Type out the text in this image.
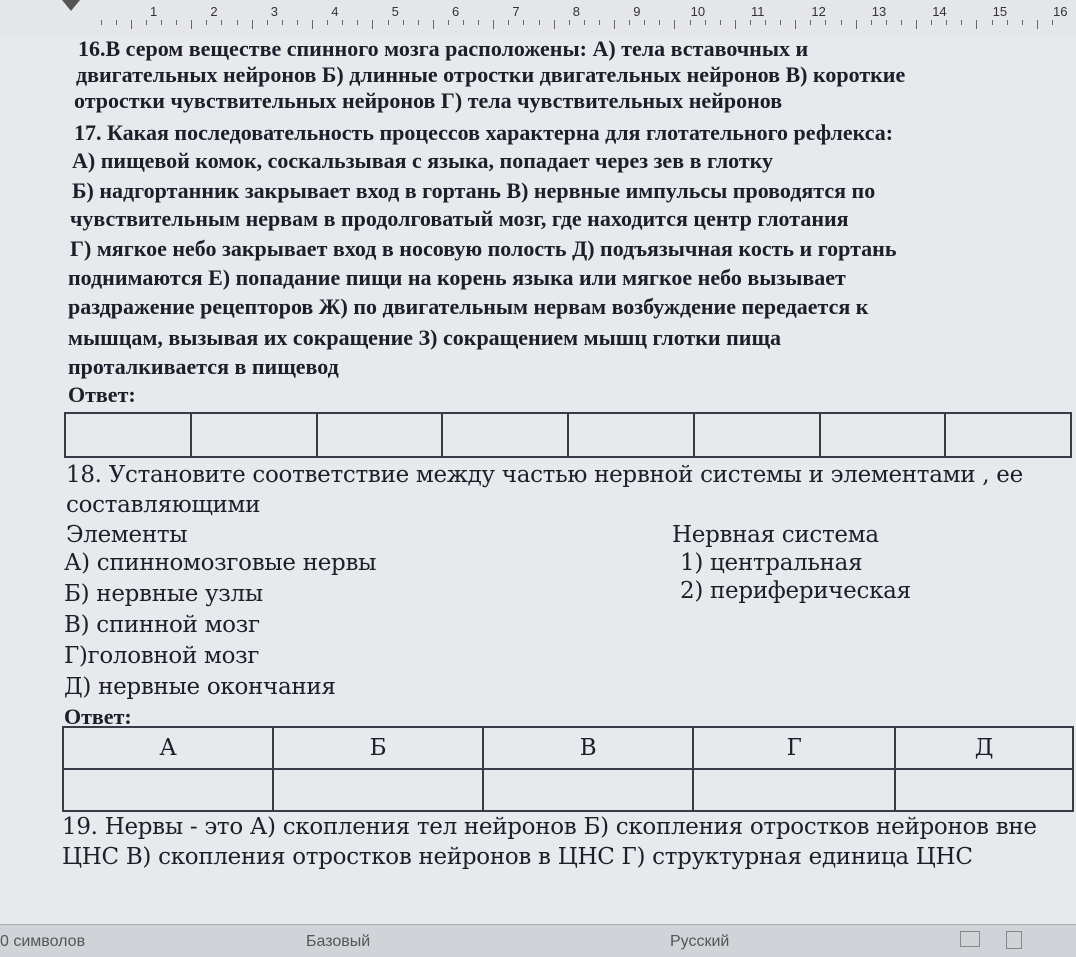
1	2	3	4	5	6	7	8	9	10	11	12	13	14	15	16
16.В сером веществе спинного мозга расположены: А) тела вставочных и
двигательных нейронов Б) длинные отростки двигательных нейронов В) короткие
отростки чувствительных нейронов Г) тела чувствительных нейронов
17. Какая последовательность процессов характерна для глотательного рефлекса:
А) пищевой комок, соскальзывая с языка, попадает через зев в глотку
Б) надгортанник закрывает вход в гортань В) нервные импульсы проводятся по
чувствительным нервам в продолговатый мозг, где находится центр глотания
Г) мягкое небо закрывает вход в носовую полость Д) подъязычная кость и гортань
поднимаются Е) попадание пищи на корень языка или мягкое небо вызывает
раздражение рецепторов Ж) по двигательным нервам возбуждение передается к
мышцам, вызывая их сокращение З) сокращением мышц глотки пища
проталкивается в пищевод
Ответ:

18. Установите соответствие между частью нервной системы и элементами , ее
составляющими
Элементы	Нервная система
А) спинномозговые нервы
Б) нервные узлы
В) спинной мозг
Г)головной мозг
Д) нервные окончания
1) центральная
2) периферическая
Ответ:
А	Б	В	Г	Д

19. Нервы - это А) скопления тел нейронов Б) скопления отростков нейронов вне
ЦНС В) скопления отростков нейронов в ЦНС Г) структурная единица ЦНС
0 символов	Базовый	Русский
